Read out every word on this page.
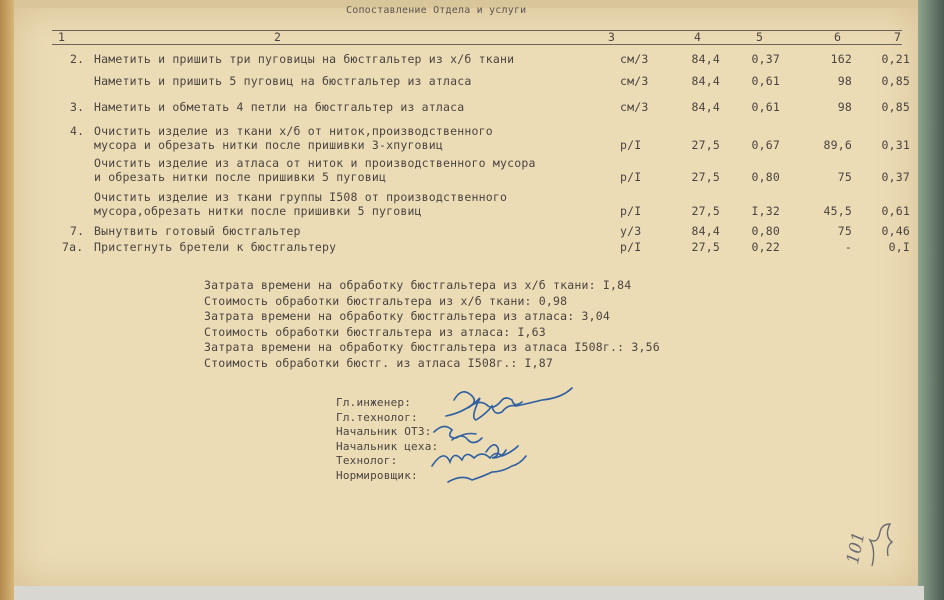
Сопоставление Отдела и услуги
1	2	3	4	5	6	7
2. Наметить и пришить три пуговицы на бюстгальтер из х/б ткани	см/3	84,4	0,37	162	0,21
Наметить и пришить 5 пуговиц на бюстгальтер из атласа	см/3	84,4	0,61	98	0,85
3. Наметить и обметать 4 петли на бюстгальтер из атласа	см/3	84,4	0,61	98	0,85
4. Очистить изделие из ткани х/б от ниток,производственного
мусора и обрезать нитки после пришивки 3-хпуговиц	р/I	27,5	0,67	89,6	0,31
Очистить изделие из атласа от ниток и производственного мусора
и обрезать нитки после пришивки 5 пуговиц	р/I	27,5	0,80	75	0,37
Очистить изделие из ткани группы I508 от производственного
мусора,обрезать нитки после пришивки 5 пуговиц	р/I	27,5	I,32	45,5	0,61
7. Вынутвить готовый бюстгальтер	у/3	84,4	0,80	75	0,46
7а. Пристегнуть бретели к бюстгальтеру	р/I	27,5	0,22	-	0,I
Затрата времени на обработку бюстгальтера из х/б ткани: I,84
Стоимость обработки бюстгальтера из х/б ткани: 0,98
Затрата времени на обработку бюстгальтера из атласа: 3,04
Стоимость обработки бюстгальтера из атласа: I,63
Затрата времени на обработку бюстгальтера из атласа I508г.: 3,56
Стоимость обработки бюстг. из атласа I508г.: I,87
Гл.инженер:
Гл.технолог:
Начальник ОТЗ:
Начальник цеха:
Технолог:
Нормировщик:
101
